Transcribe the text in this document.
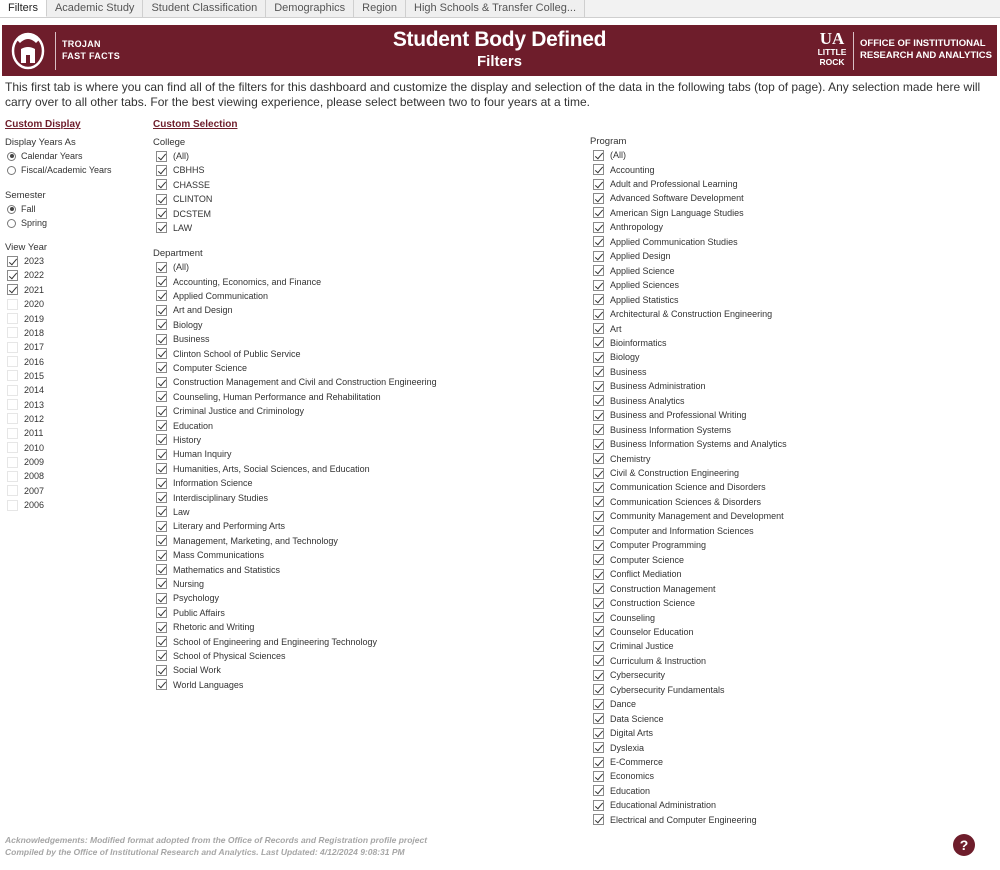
Filters	Academic Study	Student Classification	Demographics	Region	High Schools & Transfer Colleg...
TROJAN
FAST FACTS
Student Body Defined
Filters
UA
LITTLE
ROCK
OFFICE OF INSTITUTIONAL
RESEARCH AND ANALYTICS
This first tab is where you can find all of the filters for this dashboard and customize the display and selection of the data in the following tabs (top of page). Any selection made here will carry over to all other tabs. For the best viewing experience, please select between two to four years at a time.
Custom Display
Display Years As
Calendar Years
Fiscal/Academic Years
Semester
Fall
Spring
View Year
2023
2022
2021
2020
2019
2018
2017
2016
2015
2014
2013
2012
2011
2010
2009
2008
2007
2006
Custom Selection
College
(All)
CBHHS
CHASSE
CLINTON
DCSTEM
LAW
Department
(All)
Accounting, Economics, and Finance
Applied Communication
Art and Design
Biology
Business
Clinton School of Public Service
Computer Science
Construction Management and Civil and Construction Engineering
Counseling, Human Performance and Rehabilitation
Criminal Justice and Criminology
Education
History
Human Inquiry
Humanities, Arts, Social Sciences, and Education
Information Science
Interdisciplinary Studies
Law
Literary and Performing Arts
Management, Marketing, and Technology
Mass Communications
Mathematics and Statistics
Nursing
Psychology
Public Affairs
Rhetoric and Writing
School of Engineering and Engineering Technology
School of Physical Sciences
Social Work
World Languages
Program
(All)
Accounting
Adult and Professional Learning
Advanced Software Development
American Sign Language Studies
Anthropology
Applied Communication Studies
Applied Design
Applied Science
Applied Sciences
Applied Statistics
Architectural & Construction Engineering
Art
Bioinformatics
Biology
Business
Business Administration
Business Analytics
Business and Professional Writing
Business Information Systems
Business Information Systems and Analytics
Chemistry
Civil & Construction Engineering
Communication Science and Disorders
Communication Sciences & Disorders
Community Management and Development
Computer and Information Sciences
Computer Programming
Computer Science
Conflict Mediation
Construction Management
Construction Science
Counseling
Counselor Education
Criminal Justice
Curriculum & Instruction
Cybersecurity
Cybersecurity Fundamentals
Dance
Data Science
Digital Arts
Dyslexia
E-Commerce
Economics
Education
Educational Administration
Electrical and Computer Engineering
Acknowledgements: Modified format adopted from the Office of Records and Registration profile project
Compiled by the Office of Institutional Research and Analytics. Last Updated: 4/12/2024 9:08:31 PM	?
